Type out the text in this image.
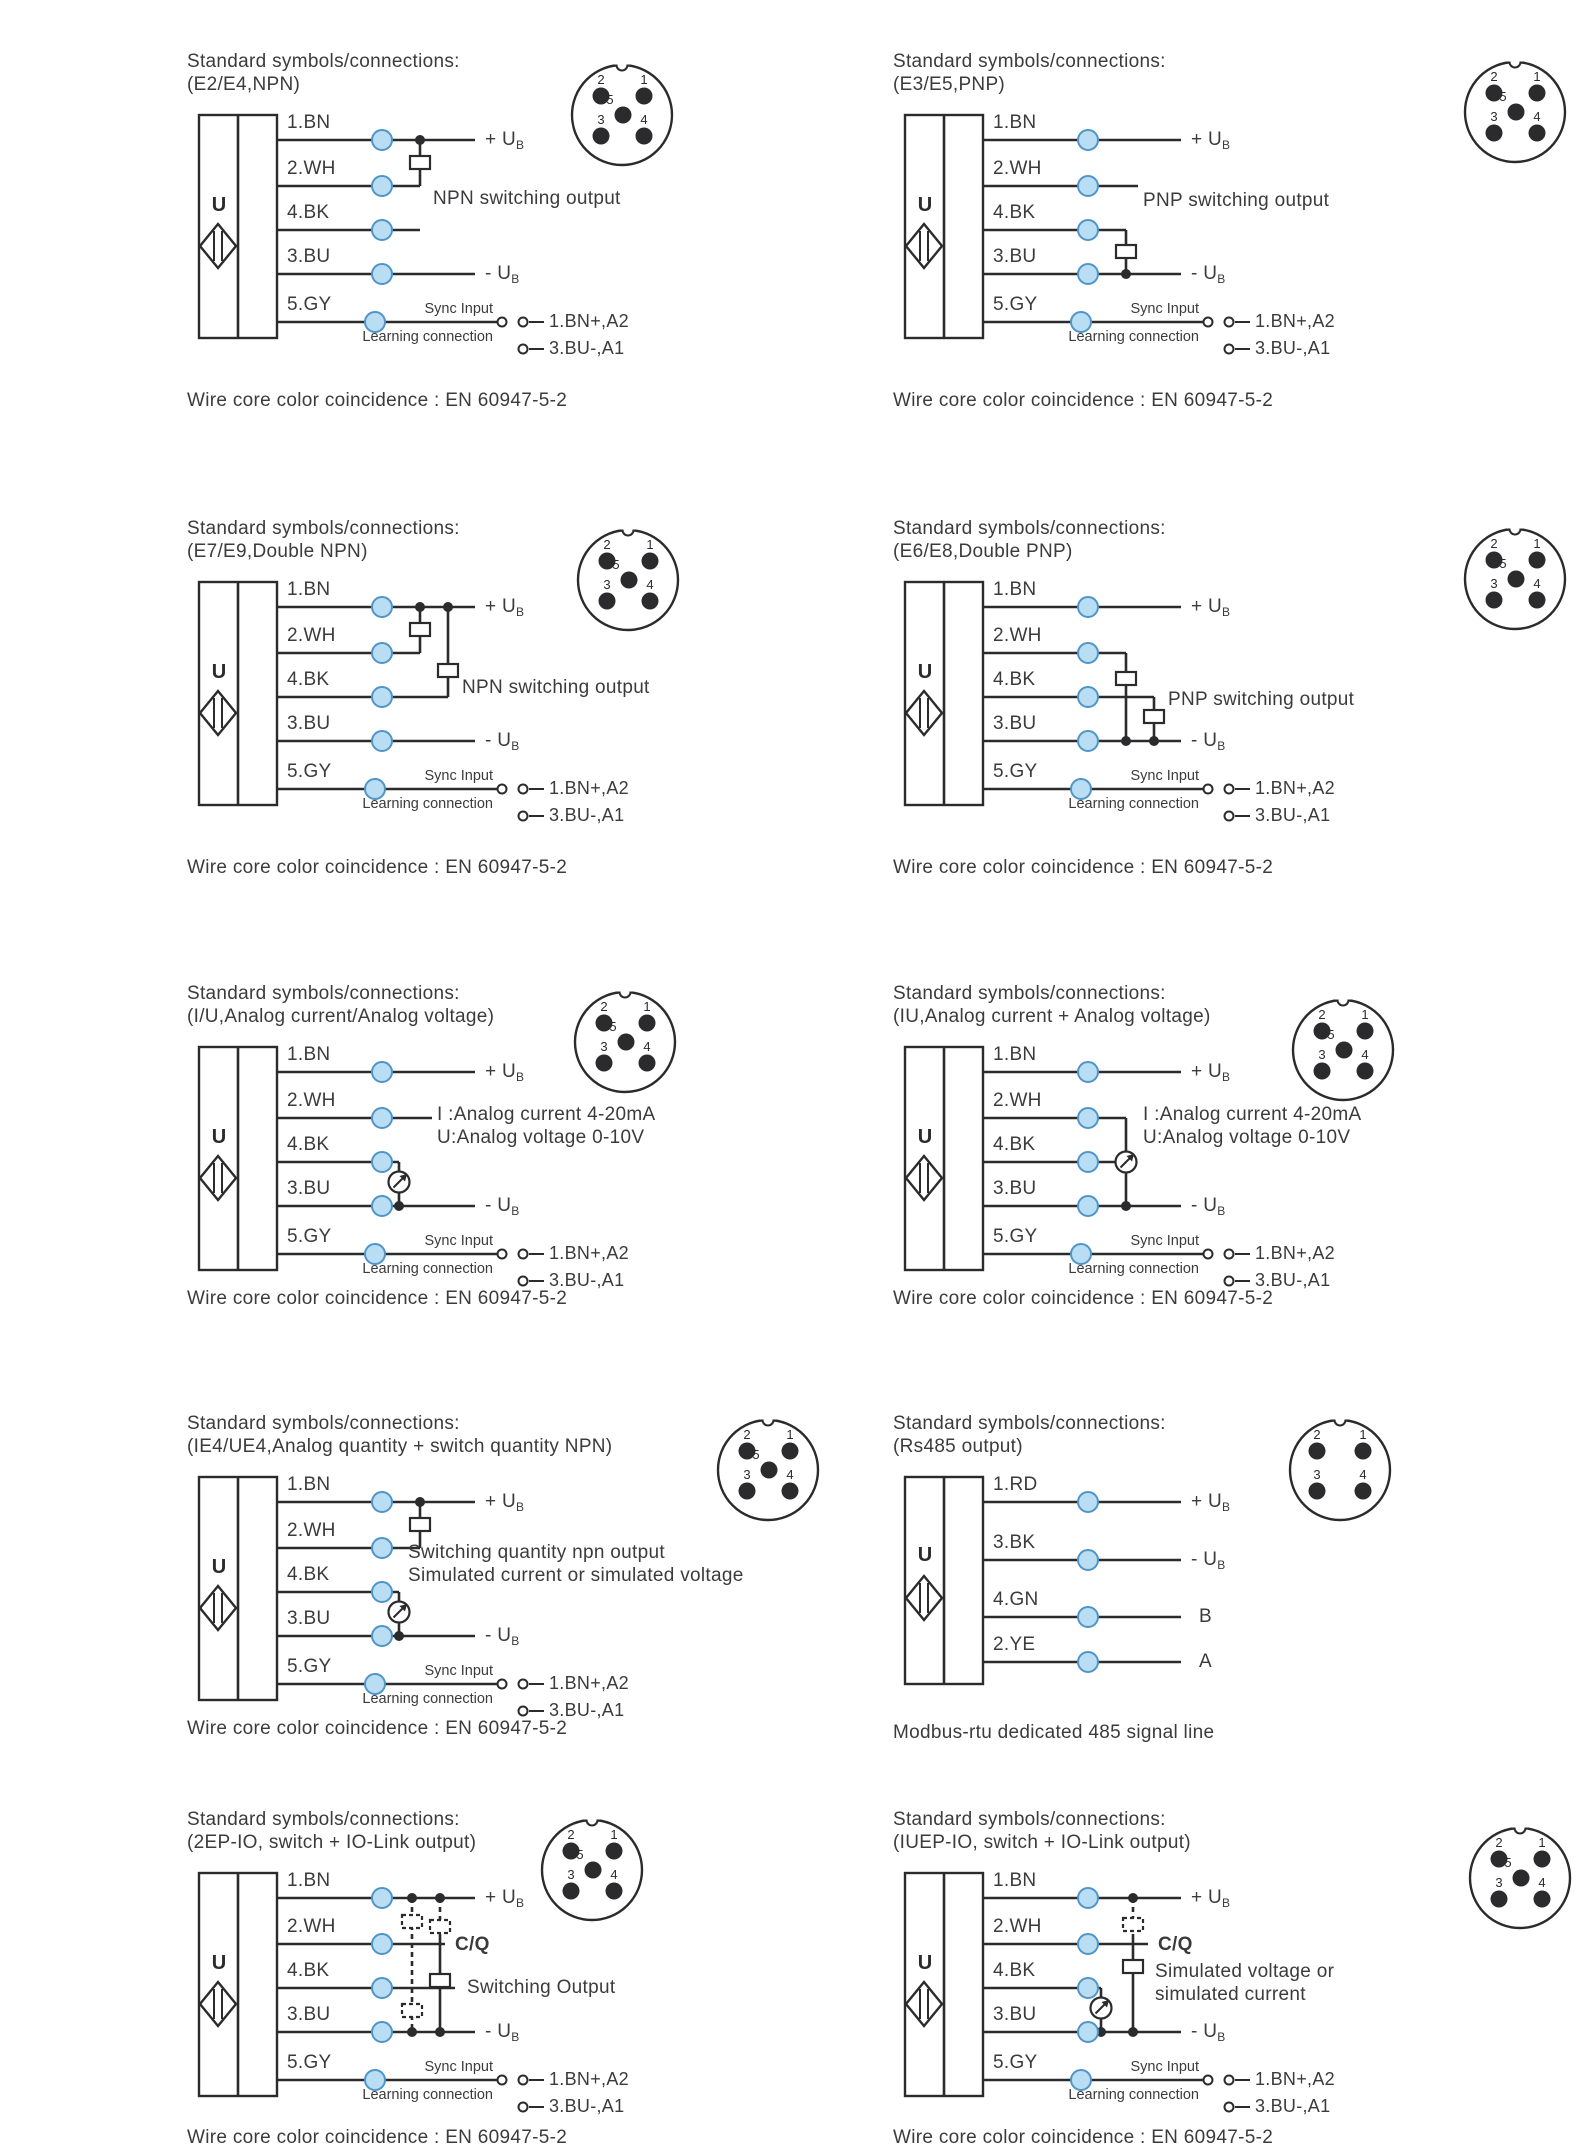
Standard symbols/connections:
(E2/E4,NPN)
U
1.BN
2.WH
4.BK
3.BU
5.GY
+ $U_B$
- $U_B$
NPN switching output
Sync Input
Learning connection
1.BN+,A2
3.BU-,A1
Wire core color coincidence : EN 60947-5-2
2	1
5
3	4
Standard symbols/connections:
(E3/E5,PNP)
U
1.BN
2.WH
4.BK
3.BU
5.GY
+ $U_B$
- $U_B$
PNP switching output
Sync Input
Learning connection
1.BN+,A2
3.BU-,A1
Wire core color coincidence : EN 60947-5-2
2	1
5
3	4
Standard symbols/connections:
(E7/E9,Double NPN)
U
1.BN
2.WH
4.BK
3.BU
5.GY
+ $U_B$
- $U_B$
NPN switching output
Sync Input
Learning connection
1.BN+,A2
3.BU-,A1
Wire core color coincidence : EN 60947-5-2
2	1
5
3	4
Standard symbols/connections:
(E6/E8,Double PNP)
U
1.BN
2.WH
4.BK
3.BU
5.GY
+ $U_B$
- $U_B$
PNP switching output
Sync Input
Learning connection
1.BN+,A2
3.BU-,A1
Wire core color coincidence : EN 60947-5-2
2	1
5
3	4
Standard symbols/connections:
(I/U,Analog current/Analog voltage)
U
1.BN
2.WH
4.BK
3.BU
5.GY
+ $U_B$
- $U_B$
I :Analog current 4-20mA
U:Analog voltage 0-10V
Sync Input
Learning connection
1.BN+,A2
3.BU-,A1
Wire core color coincidence : EN 60947-5-2
2	1
5
3	4
Standard symbols/connections:
(IU,Analog current + Analog voltage)
U
1.BN
2.WH
4.BK
3.BU
5.GY
+ $U_B$
- $U_B$
I :Analog current 4-20mA
U:Analog voltage 0-10V
Sync Input
Learning connection
1.BN+,A2
3.BU-,A1
Wire core color coincidence : EN 60947-5-2
2	1
5
3	4
Standard symbols/connections:
(IE4/UE4,Analog quantity + switch quantity NPN)
U
1.BN
2.WH
4.BK
3.BU
5.GY
+ $U_B$
- $U_B$
Switching quantity npn output
Simulated current or simulated voltage
Sync Input
Learning connection
1.BN+,A2
3.BU-,A1
Wire core color coincidence : EN 60947-5-2
2	1
5
3	4
Standard symbols/connections:
(Rs485 output)
U
1.RD
3.BK
4.GN
2.YE
+ $U_B$
- $U_B$
B
A
Modbus-rtu dedicated 485 signal line
2	1
3	4
Standard symbols/connections:
(2EP-IO, switch + IO-Link output)
U
1.BN
2.WH
4.BK
3.BU
5.GY
+ $U_B$
- $U_B$
C/Q
Switching Output
Sync Input
Learning connection
1.BN+,A2
3.BU-,A1
Wire core color coincidence : EN 60947-5-2
2	1
5
3	4
Standard symbols/connections:
(IUEP-IO, switch + IO-Link output)
U
1.BN
2.WH
4.BK
3.BU
5.GY
+ $U_B$
- $U_B$
C/Q
Simulated voltage or
simulated current
Sync Input
Learning connection
1.BN+,A2
3.BU-,A1
Wire core color coincidence : EN 60947-5-2
2	1
5
3	4
